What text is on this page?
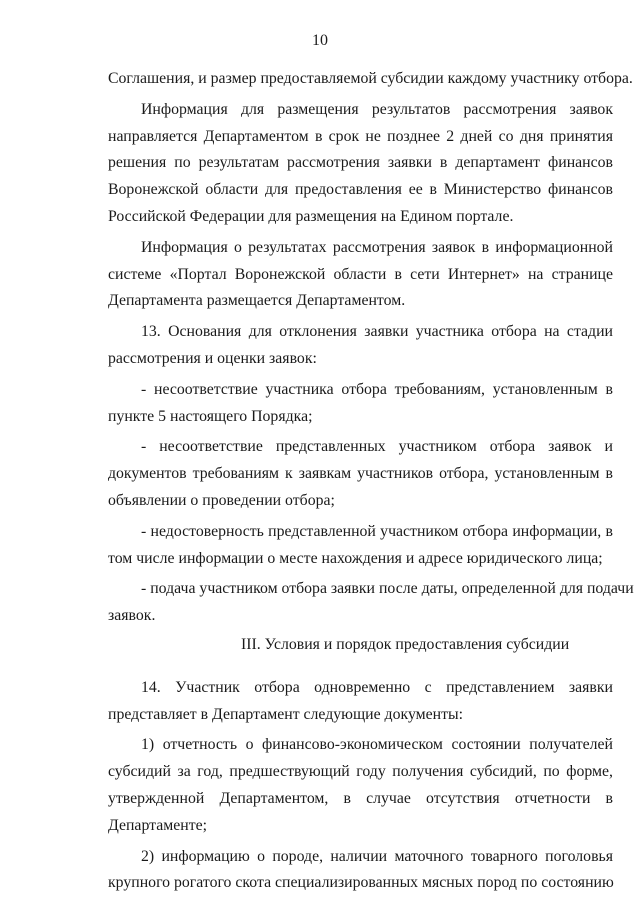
10
Соглашения, и размер предоставляемой субсидии каждому участнику отбора.
Информация для размещения результатов рассмотрения заявок
направляется Департаментом в срок не позднее 2 дней со дня принятия
решения по результатам рассмотрения заявки в департамент финансов
Воронежской области для предоставления ее в Министерство финансов
Российской Федерации для размещения на Едином портале.
Информация о результатах рассмотрения заявок в информационной
системе «Портал Воронежской области в сети Интернет» на странице
Департамента размещается Департаментом.
13. Основания для отклонения заявки участника отбора на стадии
рассмотрения и оценки заявок:
- несоответствие участника отбора требованиям, установленным в
пункте 5 настоящего Порядка;
- несоответствие представленных участником отбора заявок и
документов требованиям к заявкам участников отбора, установленным в
объявлении о проведении отбора;
- недостоверность представленной участником отбора информации, в
том числе информации о месте нахождения и адресе юридического лица;
- подача участником отбора заявки после даты, определенной для подачи
заявок.
III. Условия и порядок предоставления субсидии
14. Участник отбора одновременно с представлением заявки
представляет в Департамент следующие документы:
1) отчетность о финансово-экономическом состоянии получателей
субсидий за год, предшествующий году получения субсидий, по форме,
утвержденной Департаментом, в случае отсутствия отчетности в
Департаменте;
2) информацию о породе, наличии маточного товарного поголовья
крупного рогатого скота специализированных мясных пород по состоянию
